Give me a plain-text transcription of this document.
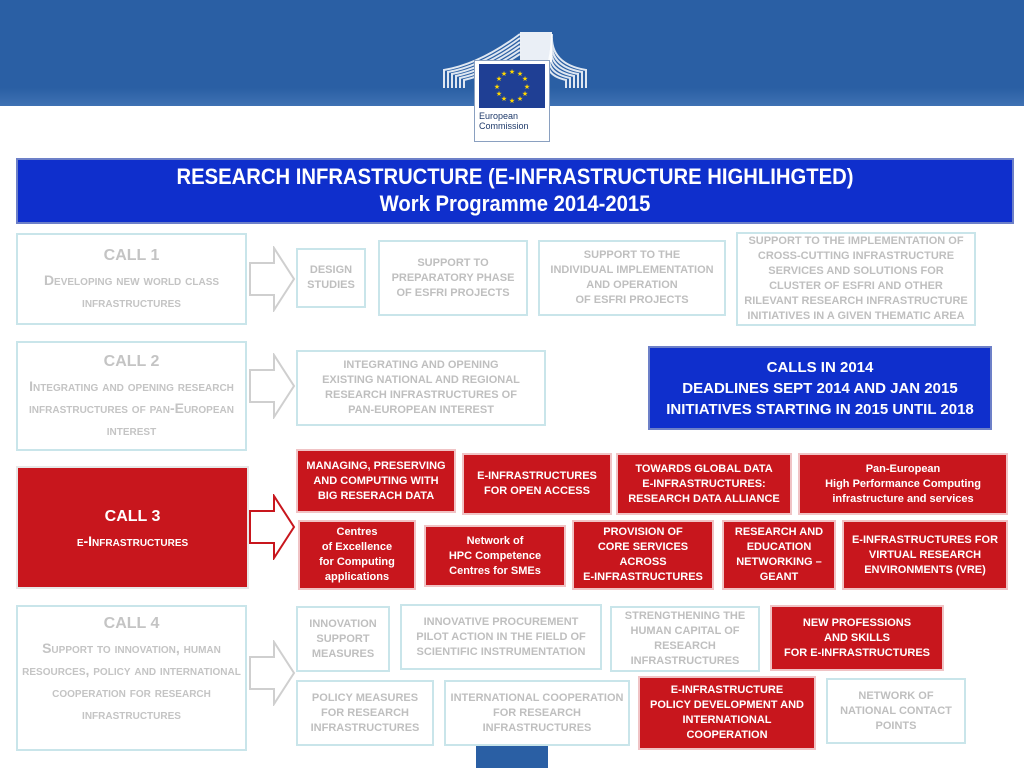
★ ★
★
★
★
★
★
★
★
★
★
★
European
Commission
RESEARCH INFRASTRUCTURE (E-INFRASTRUCTURE HIGHLIHGTED)
Work Programme 2014-2015
CALL 1
Developing new world class infrastructures
CALL 2
Integrating and opening research infrastructures of pan-European interest
CALL 3
e-Infrastructures
CALL 4
Support to innovation, human resources, policy and international cooperation for research infrastructures
DESIGN
STUDIES
SUPPORT TO
PREPARATORY PHASE
OF ESFRI PROJECTS
SUPPORT TO THE
INDIVIDUAL IMPLEMENTATION
AND OPERATION
OF ESFRI PROJECTS
SUPPORT TO THE IMPLEMENTATION OF
CROSS-CUTTING INFRASTRUCTURE
SERVICES AND SOLUTIONS FOR
CLUSTER OF ESFRI AND OTHER
RILEVANT RESEARCH INFRASTRUCTURE
INITIATIVES IN A GIVEN THEMATIC AREA
INTEGRATING AND OPENING
EXISTING NATIONAL AND REGIONAL
RESEARCH INFRASTRUCTURES OF
PAN-EUROPEAN INTEREST
CALLS IN 2014
DEADLINES SEPT 2014 AND JAN 2015
INITIATIVES STARTING IN 2015 UNTIL 2018
MANAGING, PRESERVING
AND COMPUTING WITH
BIG RESERACH DATA
E-INFRASTRUCTURES
FOR OPEN ACCESS
TOWARDS GLOBAL DATA
E-INFRASTRUCTURES:
RESEARCH DATA ALLIANCE
Pan-European
High Performance Computing
infrastructure and services
Centres
of Excellence
for Computing
applications
Network of
HPC Competence
Centres for SMEs
PROVISION OF
CORE SERVICES
ACROSS
E-INFRASTRUCTURES
RESEARCH AND
EDUCATION
NETWORKING –
GEANT
E-INFRASTRUCTURES FOR
VIRTUAL RESEARCH
ENVIRONMENTS (VRE)
INNOVATION
SUPPORT
MEASURES
INNOVATIVE PROCUREMENT
PILOT ACTION IN THE FIELD OF
SCIENTIFIC INSTRUMENTATION
STRENGTHENING THE
HUMAN CAPITAL OF
RESEARCH
INFRASTRUCTURES
NEW PROFESSIONS
AND SKILLS
FOR E-INFRASTRUCTURES
POLICY MEASURES
FOR RESEARCH
INFRASTRUCTURES
INTERNATIONAL COOPERATION
FOR RESEARCH
INFRASTRUCTURES
E-INFRASTRUCTURE
POLICY DEVELOPMENT AND
INTERNATIONAL
COOPERATION
NETWORK OF
NATIONAL CONTACT
POINTS
